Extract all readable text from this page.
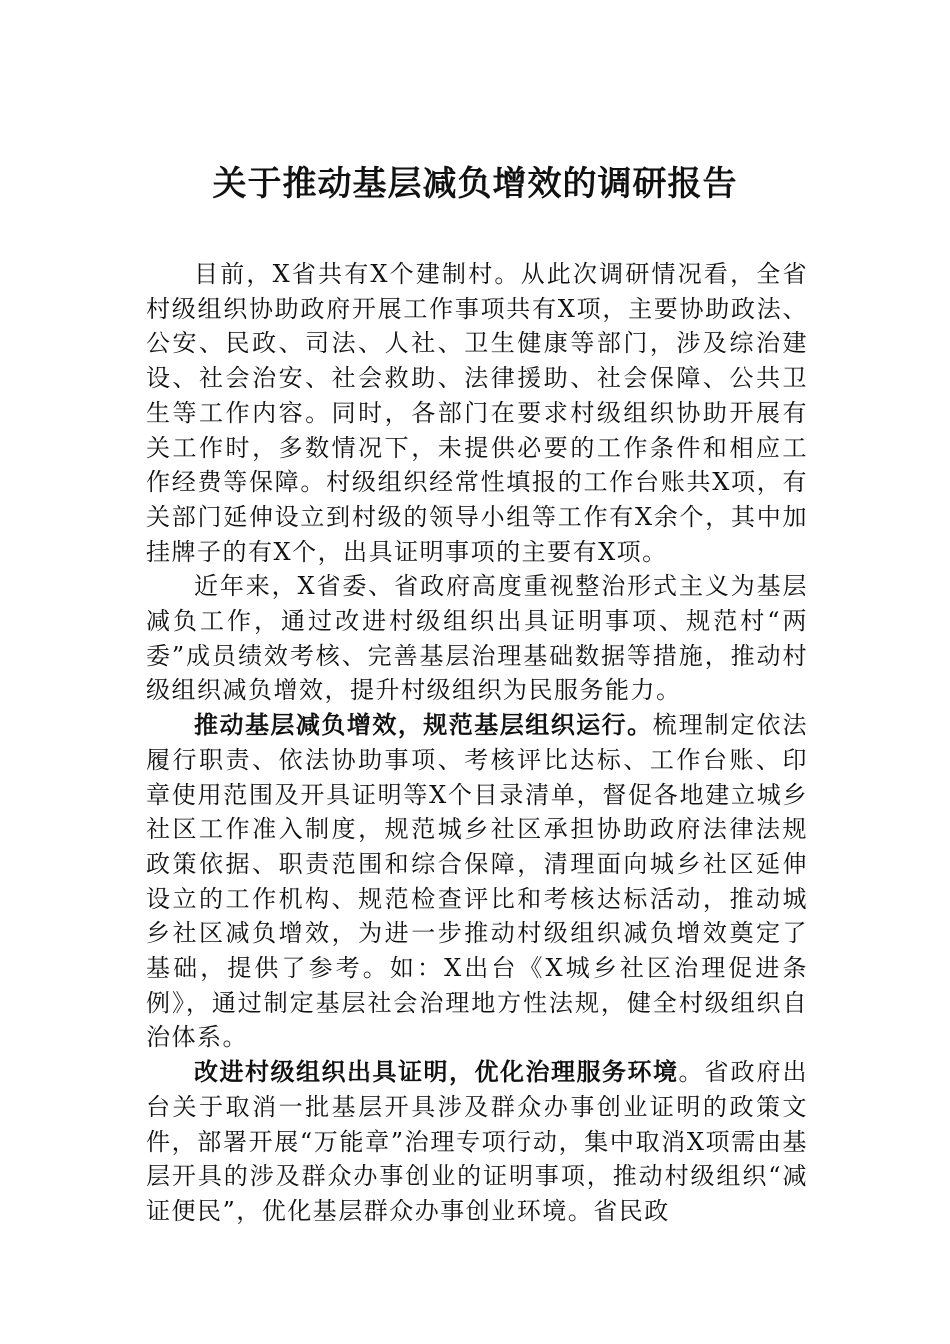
关于推动基层减负增效的调研报告

目前，X省共有X个建制村。从此次调研情况看，全省村级组织协助政府开展工作事项共有X项，主要协助政法、公安、民政、司法、人社、卫生健康等部门，涉及综治建设、社会治安、社会救助、法律援助、社会保障、公共卫生等工作内容。同时，各部门在要求村级组织协助开展有关工作时，多数情况下，未提供必要的工作条件和相应工作经费等保障。村级组织经常性填报的工作台账共X项，有关部门延伸设立到村级的领导小组等工作有X余个，其中加挂牌子的有X个，出具证明事项的主要有X项。

近年来，X省委、省政府高度重视整治形式主义为基层减负工作，通过改进村级组织出具证明事项、规范村“两委”成员绩效考核、完善基层治理基础数据等措施，推动村级组织减负增效，提升村级组织为民服务能力。

推动基层减负增效，规范基层组织运行。梳理制定依法履行职责、依法协助事项、考核评比达标、工作台账、印章使用范围及开具证明等X个目录清单，督促各地建立城乡社区工作准入制度，规范城乡社区承担协助政府法律法规政策依据、职责范围和综合保障，清理面向城乡社区延伸设立的工作机构、规范检查评比和考核达标活动，推动城乡社区减负增效，为进一步推动村级组织减负增效奠定了基础，提供了参考。如：X出台《X城乡社区治理促进条例》，通过制定基层社会治理地方性法规，健全村级组织自治体系。

改进村级组织出具证明，优化治理服务环境。省政府出台关于取消一批基层开具涉及群众办事创业证明的政策文件，部署开展“万能章”治理专项行动，集中取消X项需由基层开具的涉及群众办事创业的证明事项，推动村级组织“减证便民”，优化基层群众办事创业环境。省民政
